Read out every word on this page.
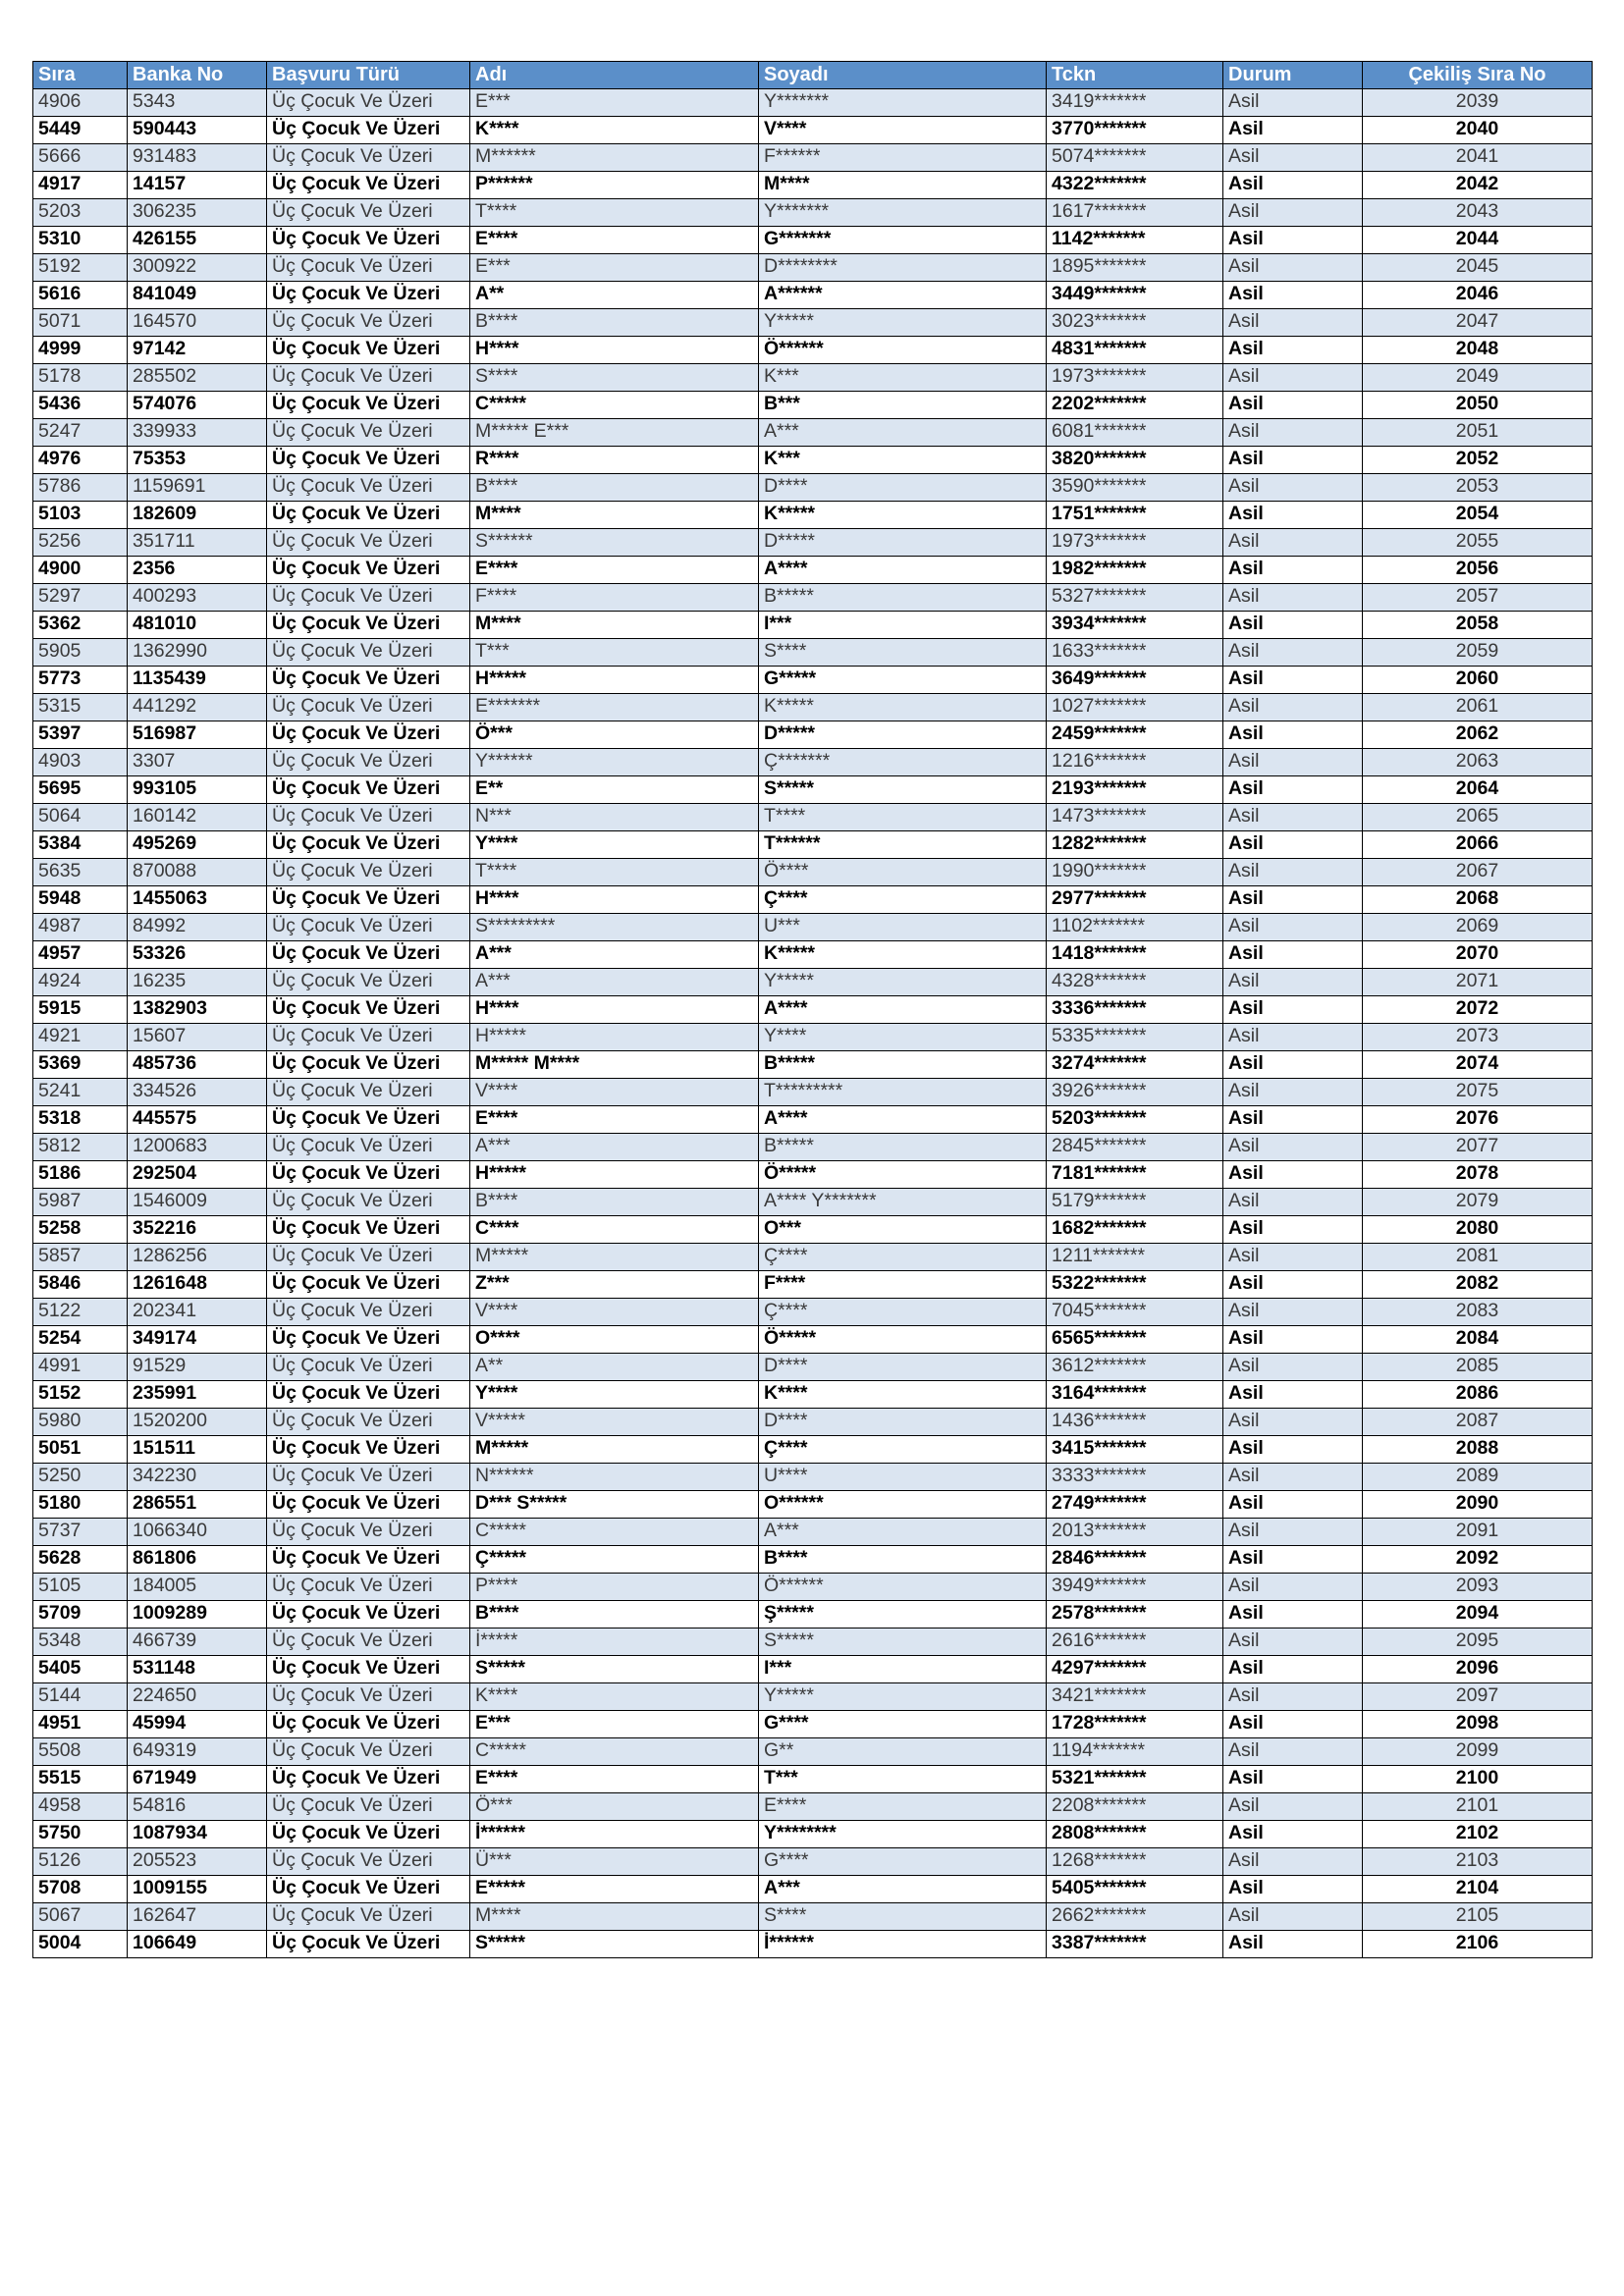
Sıra	Banka No	Başvuru Türü	Adı	Soyadı	Tckn	Durum	Çekiliş Sıra No
4906	5343	Üç Çocuk Ve Üzeri	E***	Y*******	3419*******	Asil	2039
5449	590443	Üç Çocuk Ve Üzeri	K****	V****	3770*******	Asil	2040
5666	931483	Üç Çocuk Ve Üzeri	M******	F******	5074*******	Asil	2041
4917	14157	Üç Çocuk Ve Üzeri	P******	M****	4322*******	Asil	2042
5203	306235	Üç Çocuk Ve Üzeri	T****	Y*******	1617*******	Asil	2043
5310	426155	Üç Çocuk Ve Üzeri	E****	G*******	1142*******	Asil	2044
5192	300922	Üç Çocuk Ve Üzeri	E***	D********	1895*******	Asil	2045
5616	841049	Üç Çocuk Ve Üzeri	A**	A******	3449*******	Asil	2046
5071	164570	Üç Çocuk Ve Üzeri	B****	Y*****	3023*******	Asil	2047
4999	97142	Üç Çocuk Ve Üzeri	H****	Ö******	4831*******	Asil	2048
5178	285502	Üç Çocuk Ve Üzeri	S****	K***	1973*******	Asil	2049
5436	574076	Üç Çocuk Ve Üzeri	C*****	B***	2202*******	Asil	2050
5247	339933	Üç Çocuk Ve Üzeri	M***** E***	A***	6081*******	Asil	2051
4976	75353	Üç Çocuk Ve Üzeri	R****	K***	3820*******	Asil	2052
5786	1159691	Üç Çocuk Ve Üzeri	B****	D****	3590*******	Asil	2053
5103	182609	Üç Çocuk Ve Üzeri	M****	K*****	1751*******	Asil	2054
5256	351711	Üç Çocuk Ve Üzeri	S******	D*****	1973*******	Asil	2055
4900	2356	Üç Çocuk Ve Üzeri	E****	A****	1982*******	Asil	2056
5297	400293	Üç Çocuk Ve Üzeri	F****	B*****	5327*******	Asil	2057
5362	481010	Üç Çocuk Ve Üzeri	M****	I***	3934*******	Asil	2058
5905	1362990	Üç Çocuk Ve Üzeri	T***	S****	1633*******	Asil	2059
5773	1135439	Üç Çocuk Ve Üzeri	H*****	G*****	3649*******	Asil	2060
5315	441292	Üç Çocuk Ve Üzeri	E*******	K*****	1027*******	Asil	2061
5397	516987	Üç Çocuk Ve Üzeri	Ö***	D*****	2459*******	Asil	2062
4903	3307	Üç Çocuk Ve Üzeri	Y******	Ç*******	1216*******	Asil	2063
5695	993105	Üç Çocuk Ve Üzeri	E**	S*****	2193*******	Asil	2064
5064	160142	Üç Çocuk Ve Üzeri	N***	T****	1473*******	Asil	2065
5384	495269	Üç Çocuk Ve Üzeri	Y****	T******	1282*******	Asil	2066
5635	870088	Üç Çocuk Ve Üzeri	T****	Ö****	1990*******	Asil	2067
5948	1455063	Üç Çocuk Ve Üzeri	H****	Ç****	2977*******	Asil	2068
4987	84992	Üç Çocuk Ve Üzeri	S*********	U***	1102*******	Asil	2069
4957	53326	Üç Çocuk Ve Üzeri	A***	K*****	1418*******	Asil	2070
4924	16235	Üç Çocuk Ve Üzeri	A***	Y*****	4328*******	Asil	2071
5915	1382903	Üç Çocuk Ve Üzeri	H****	A****	3336*******	Asil	2072
4921	15607	Üç Çocuk Ve Üzeri	H*****	Y****	5335*******	Asil	2073
5369	485736	Üç Çocuk Ve Üzeri	M***** M****	B*****	3274*******	Asil	2074
5241	334526	Üç Çocuk Ve Üzeri	V****	T*********	3926*******	Asil	2075
5318	445575	Üç Çocuk Ve Üzeri	E****	A****	5203*******	Asil	2076
5812	1200683	Üç Çocuk Ve Üzeri	A***	B*****	2845*******	Asil	2077
5186	292504	Üç Çocuk Ve Üzeri	H*****	Ö*****	7181*******	Asil	2078
5987	1546009	Üç Çocuk Ve Üzeri	B****	A**** Y*******	5179*******	Asil	2079
5258	352216	Üç Çocuk Ve Üzeri	C****	O***	1682*******	Asil	2080
5857	1286256	Üç Çocuk Ve Üzeri	M*****	Ç****	1211*******	Asil	2081
5846	1261648	Üç Çocuk Ve Üzeri	Z***	F****	5322*******	Asil	2082
5122	202341	Üç Çocuk Ve Üzeri	V****	Ç****	7045*******	Asil	2083
5254	349174	Üç Çocuk Ve Üzeri	O****	Ö*****	6565*******	Asil	2084
4991	91529	Üç Çocuk Ve Üzeri	A**	D****	3612*******	Asil	2085
5152	235991	Üç Çocuk Ve Üzeri	Y****	K****	3164*******	Asil	2086
5980	1520200	Üç Çocuk Ve Üzeri	V*****	D****	1436*******	Asil	2087
5051	151511	Üç Çocuk Ve Üzeri	M*****	Ç****	3415*******	Asil	2088
5250	342230	Üç Çocuk Ve Üzeri	N******	U****	3333*******	Asil	2089
5180	286551	Üç Çocuk Ve Üzeri	D*** S*****	O******	2749*******	Asil	2090
5737	1066340	Üç Çocuk Ve Üzeri	C*****	A***	2013*******	Asil	2091
5628	861806	Üç Çocuk Ve Üzeri	Ç*****	B****	2846*******	Asil	2092
5105	184005	Üç Çocuk Ve Üzeri	P****	Ö******	3949*******	Asil	2093
5709	1009289	Üç Çocuk Ve Üzeri	B****	Ş*****	2578*******	Asil	2094
5348	466739	Üç Çocuk Ve Üzeri	İ*****	S*****	2616*******	Asil	2095
5405	531148	Üç Çocuk Ve Üzeri	S*****	I***	4297*******	Asil	2096
5144	224650	Üç Çocuk Ve Üzeri	K****	Y*****	3421*******	Asil	2097
4951	45994	Üç Çocuk Ve Üzeri	E***	G****	1728*******	Asil	2098
5508	649319	Üç Çocuk Ve Üzeri	C*****	G**	1194*******	Asil	2099
5515	671949	Üç Çocuk Ve Üzeri	E****	T***	5321*******	Asil	2100
4958	54816	Üç Çocuk Ve Üzeri	Ö***	E****	2208*******	Asil	2101
5750	1087934	Üç Çocuk Ve Üzeri	İ******	Y********	2808*******	Asil	2102
5126	205523	Üç Çocuk Ve Üzeri	Ü***	G****	1268*******	Asil	2103
5708	1009155	Üç Çocuk Ve Üzeri	E*****	A***	5405*******	Asil	2104
5067	162647	Üç Çocuk Ve Üzeri	M****	S****	2662*******	Asil	2105
5004	106649	Üç Çocuk Ve Üzeri	S*****	İ******	3387*******	Asil	2106
